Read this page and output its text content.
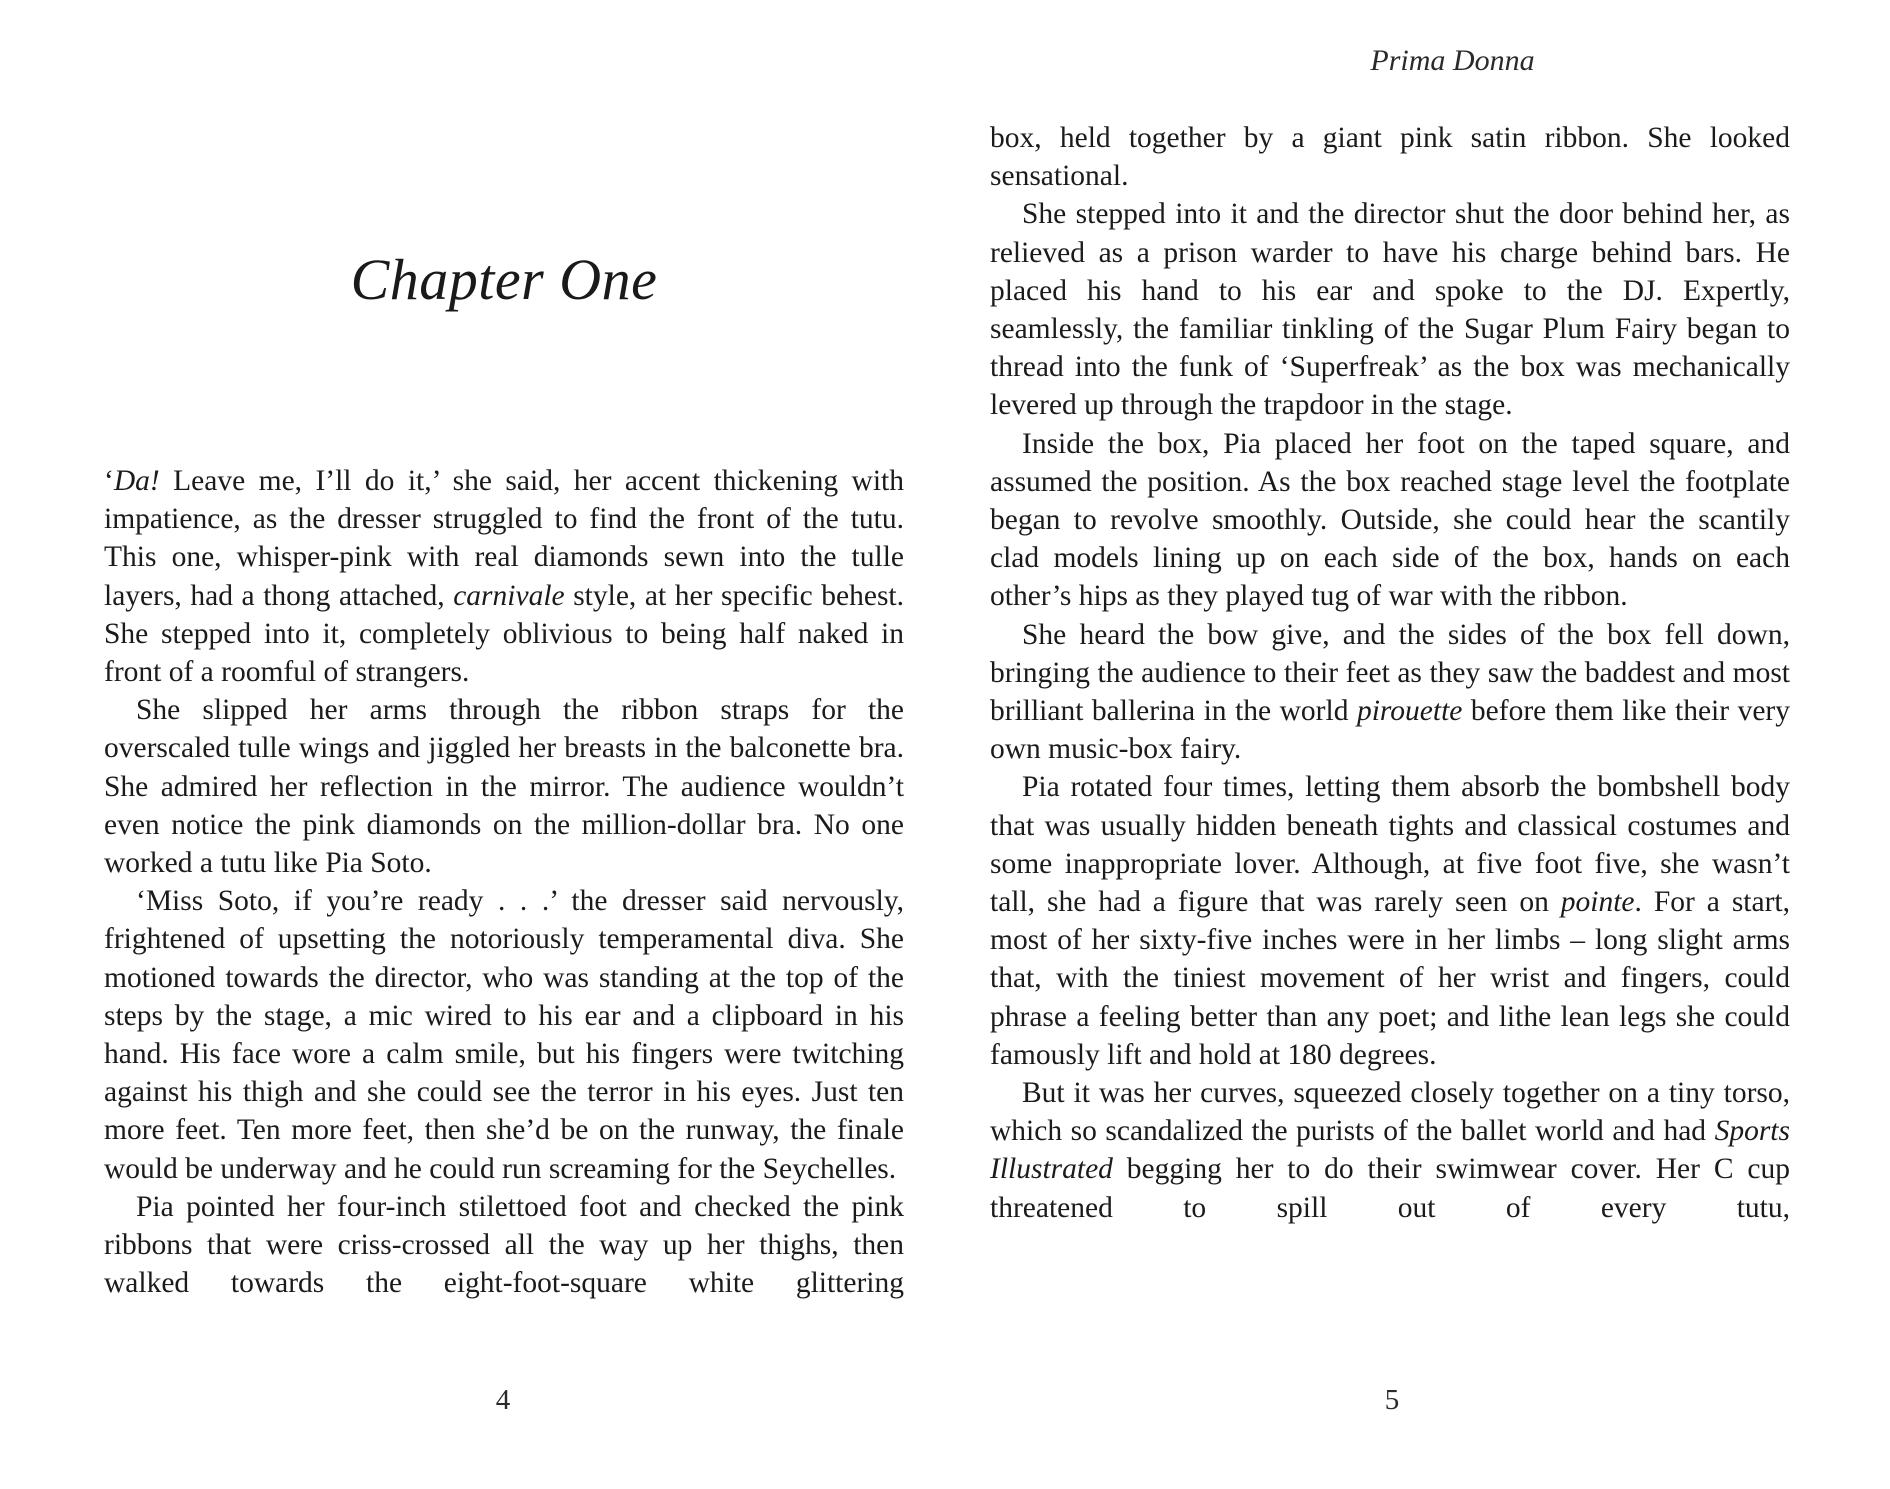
Chapter One

‘Da! Leave me, I’ll do it,’ she said, her accent thickening with impatience, as the dresser struggled to find the front of the tutu. This one, whisper-pink with real diamonds sewn into the tulle layers, had a thong attached, carnivale style, at her specific behest. She stepped into it, completely oblivious to being half naked in front of a roomful of strangers.

She slipped her arms through the ribbon straps for the overscaled tulle wings and jiggled her breasts in the balconette bra. She admired her reflection in the mirror. The audience wouldn’t even notice the pink diamonds on the million-dollar bra. No one worked a tutu like Pia Soto.

‘Miss Soto, if you’re ready . . .’ the dresser said nervously, frightened of upsetting the notoriously temperamental diva. She motioned towards the director, who was standing at the top of the steps by the stage, a mic wired to his ear and a clipboard in his hand. His face wore a calm smile, but his fingers were twitching against his thigh and she could see the terror in his eyes. Just ten more feet. Ten more feet, then she’d be on the runway, the finale would be underway and he could run screaming for the Seychelles.

Pia pointed her four-inch stilettoed foot and checked the pink ribbons that were criss-crossed all the way up her thighs, then walked towards the eight-foot-square white glittering

4
Prima Donna

box, held together by a giant pink satin ribbon. She looked sensational.

She stepped into it and the director shut the door behind her, as relieved as a prison warder to have his charge behind bars. He placed his hand to his ear and spoke to the DJ. Expertly, seamlessly, the familiar tinkling of the Sugar Plum Fairy began to thread into the funk of ‘Superfreak’ as the box was mechanically levered up through the trapdoor in the stage.

Inside the box, Pia placed her foot on the taped square, and assumed the position. As the box reached stage level the footplate began to revolve smoothly. Outside, she could hear the scantily clad models lining up on each side of the box, hands on each other’s hips as they played tug of war with the ribbon.

She heard the bow give, and the sides of the box fell down, bringing the audience to their feet as they saw the baddest and most brilliant ballerina in the world pirouette before them like their very own music-box fairy.

Pia rotated four times, letting them absorb the bombshell body that was usually hidden beneath tights and classical costumes and some inappropriate lover. Although, at five foot five, she wasn’t tall, she had a figure that was rarely seen on pointe. For a start, most of her sixty-five inches were in her limbs – long slight arms that, with the tiniest movement of her wrist and fingers, could phrase a feeling better than any poet; and lithe lean legs she could famously lift and hold at 180 degrees.

But it was her curves, squeezed closely together on a tiny torso, which so scandalized the purists of the ballet world and had Sports Illustrated begging her to do their swimwear cover. Her C cup threatened to spill out of every tutu,

5
